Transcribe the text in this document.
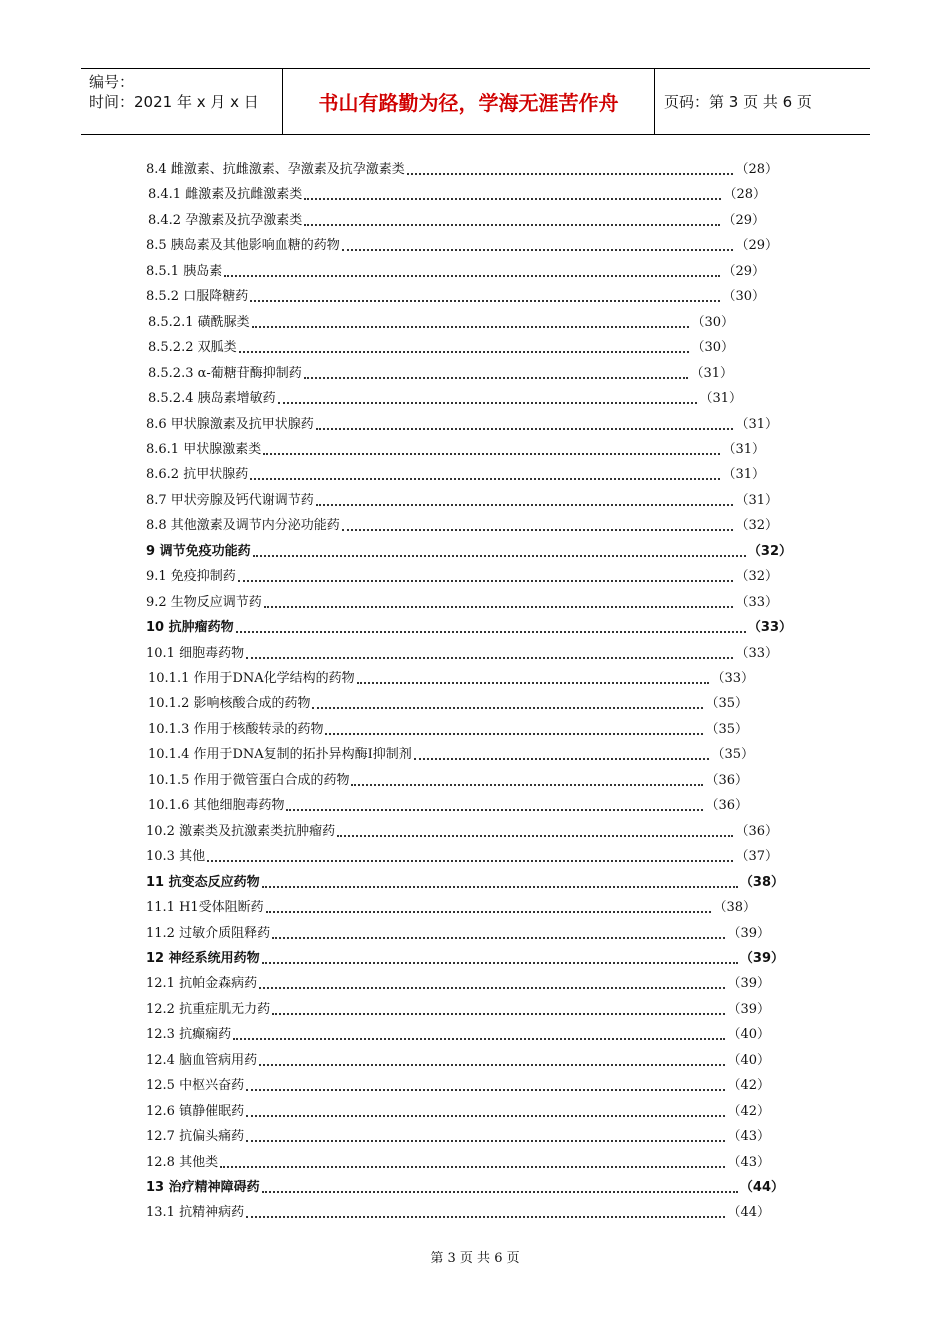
编号：
时间：2021 年 x 月 x 日	书山有路勤为径，学海无涯苦作舟	页码：第 3 页 共 6 页
8.4 雌激素、抗雌激素、孕激素及抗孕激素类	（28）
8.4.1 雌激素及抗雌激素类	（28）
8.4.2 孕激素及抗孕激素类	（29）
8.5 胰岛素及其他影响血糖的药物	（29）
8.5.1 胰岛素	（29）
8.5.2 口服降糖药	（30）
8.5.2.1 磺酰脲类	（30）
8.5.2.2 双胍类	（30）
8.5.2.3 α-葡糖苷酶抑制药	（31）
8.5.2.4 胰岛素增敏药	（31）
8.6 甲状腺激素及抗甲状腺药	（31）
8.6.1 甲状腺激素类	（31）
8.6.2 抗甲状腺药	（31）
8.7 甲状旁腺及钙代谢调节药	（31）
8.8 其他激素及调节内分泌功能药	（32）
9 调节免疫功能药	（32）
9.1 免疫抑制药	（32）
9.2 生物反应调节药	（33）
10 抗肿瘤药物	（33）
10.1 细胞毒药物	（33）
10.1.1 作用于DNA化学结构的药物	（33）
10.1.2 影响核酸合成的药物	（35）
10.1.3 作用于核酸转录的药物	（35）
10.1.4 作用于DNA复制的拓扑异构酶Ⅰ抑制剂	（35）
10.1.5 作用于微管蛋白合成的药物	（36）
10.1.6 其他细胞毒药物	（36）
10.2 激素类及抗激素类抗肿瘤药	（36）
10.3 其他	（37）
11 抗变态反应药物	（38）
11.1 H1受体阻断药	（38）
11.2 过敏介质阻释药	（39）
12 神经系统用药物	（39）
12.1 抗帕金森病药	（39）
12.2 抗重症肌无力药	（39）
12.3 抗癫痫药	（40）
12.4 脑血管病用药	（40）
12.5 中枢兴奋药	（42）
12.6 镇静催眠药	（42）
12.7 抗偏头痛药	（43）
12.8 其他类	（43）
13 治疗精神障碍药	（44）
13.1 抗精神病药	（44）
第 3 页 共 6 页
